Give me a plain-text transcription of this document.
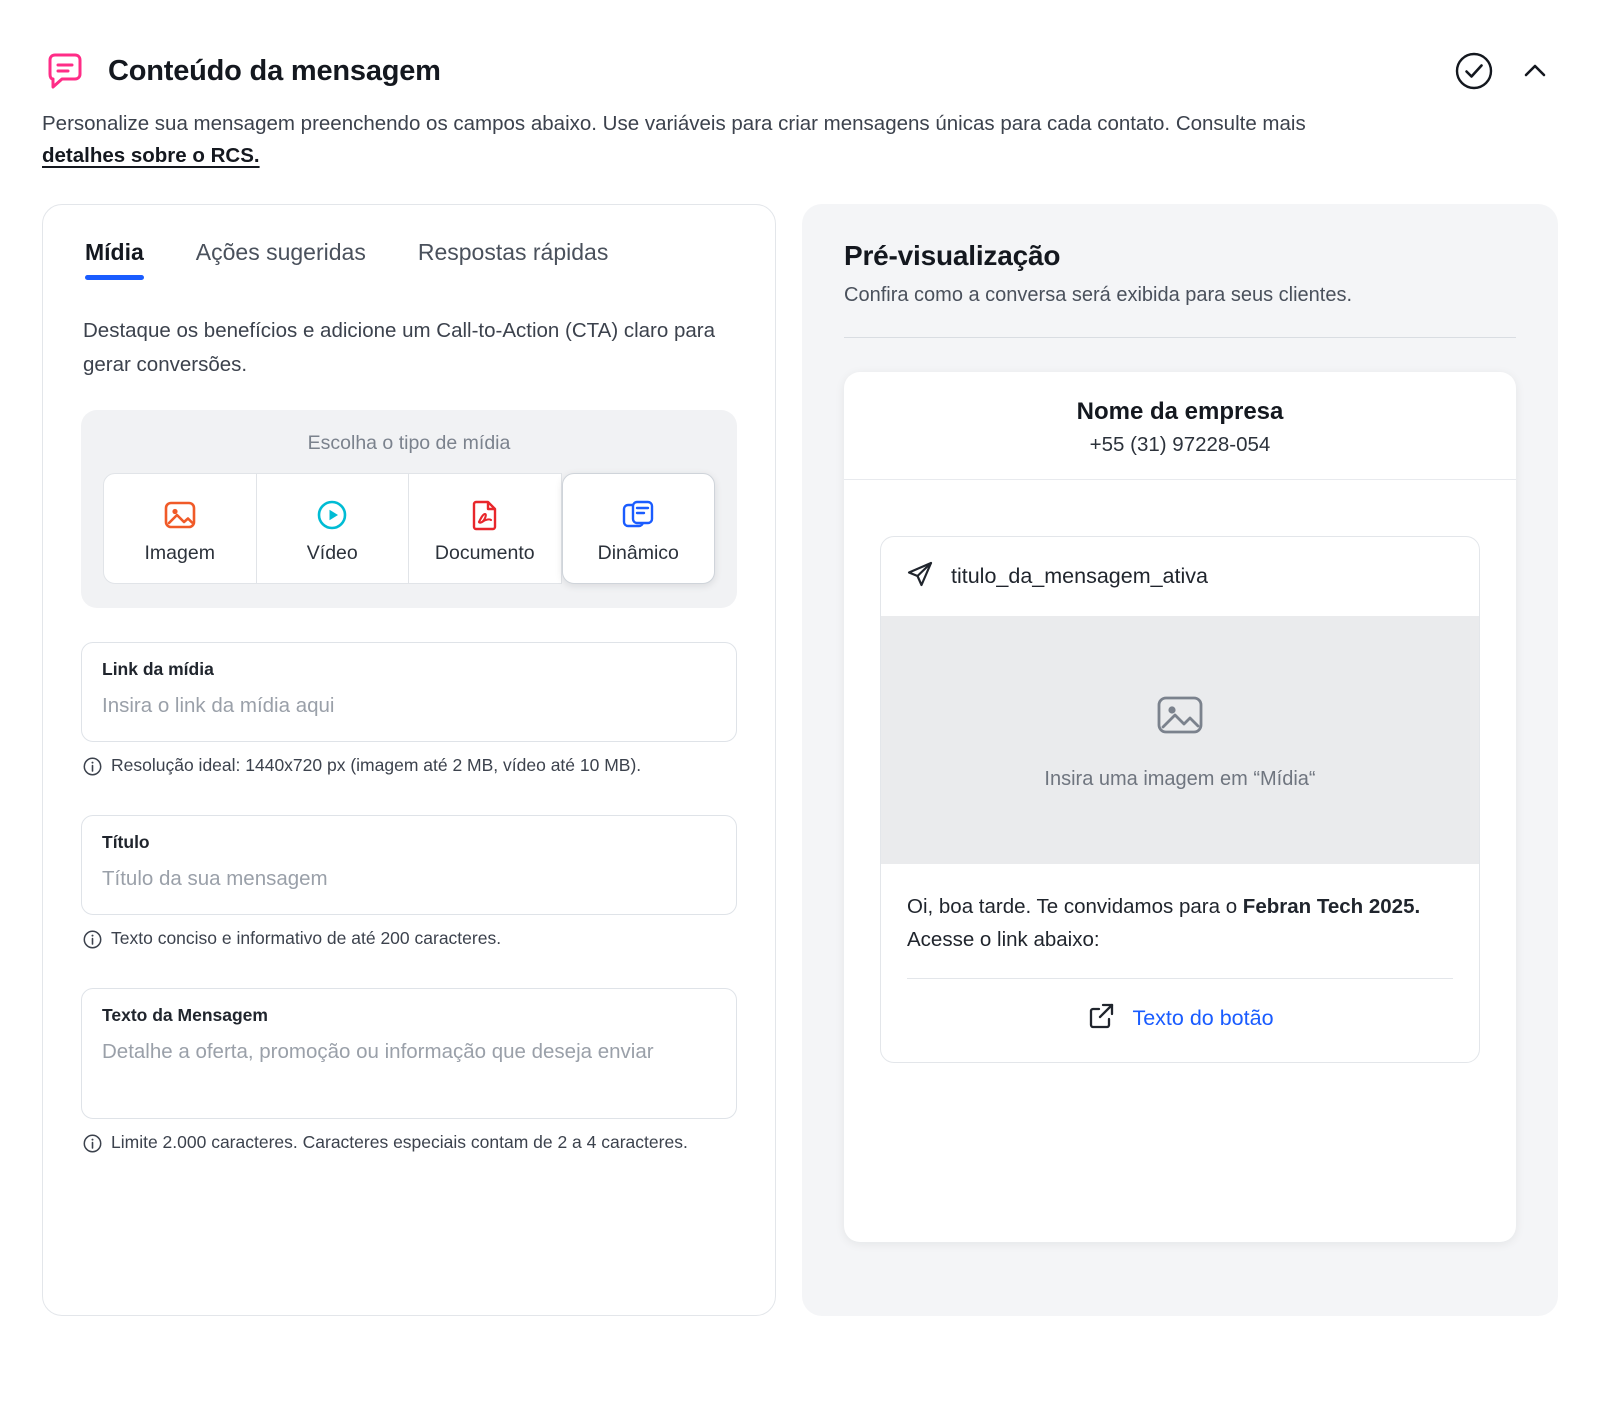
Conteúdo da mensagem
Personalize sua mensagem preenchendo os campos abaixo. Use variáveis para criar mensagens únicas para cada contato. Consulte mais detalhes sobre o RCS.
Mídia Ações sugeridas Respostas rápidas
Destaque os benefícios e adicione um Call-to-Action (CTA) claro para gerar conversões.
Escolha o tipo de mídia
Imagem	Vídeo	Documento	Dinâmico
Link da mídia
Insira o link da mídia aqui
Resolução ideal: 1440x720 px (imagem até 2 MB, vídeo até 10 MB).
Título
Título da sua mensagem
Texto conciso e informativo de até 200 caracteres.
Texto da Mensagem
Detalhe a oferta, promoção ou informação que deseja enviar
Limite 2.000 caracteres. Caracteres especiais contam de 2 a 4 caracteres.
Pré-visualização
Confira como a conversa será exibida para seus clientes.
Nome da empresa
+55 (31) 97228-054
titulo_da_mensagem_ativa
Insira uma imagem em “Mídia“
Oi, boa tarde. Te convidamos para o Febran Tech 2025. Acesse o link abaixo:
Texto do botão
